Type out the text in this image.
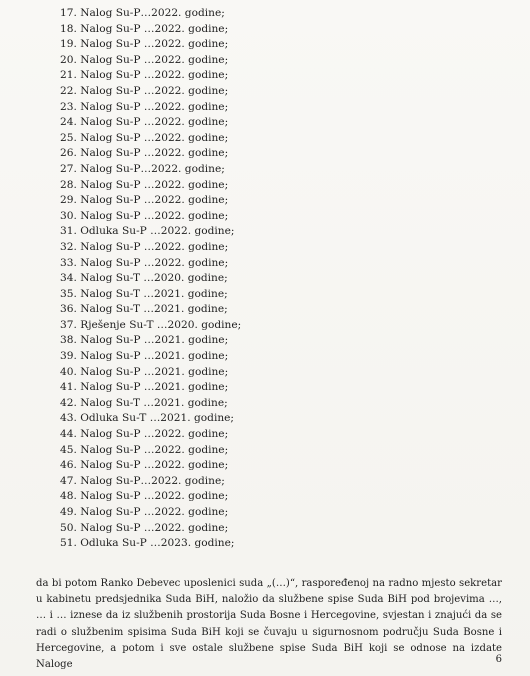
17. Nalog Su-P…2022. godine;
18. Nalog Su-P …2022. godine;
19. Nalog Su-P …2022. godine;
20. Nalog Su-P …2022. godine;
21. Nalog Su-P …2022. godine;
22. Nalog Su-P …2022. godine;
23. Nalog Su-P …2022. godine;
24. Nalog Su-P …2022. godine;
25. Nalog Su-P …2022. godine;
26. Nalog Su-P …2022. godine;
27. Nalog Su-P…2022. godine;
28. Nalog Su-P …2022. godine;
29. Nalog Su-P …2022. godine;
30. Nalog Su-P …2022. godine;
31. Odluka Su-P …2022. godine;
32. Nalog Su-P …2022. godine;
33. Nalog Su-P …2022. godine;
34. Nalog Su-T …2020. godine;
35. Nalog Su-T …2021. godine;
36. Nalog Su-T …2021. godine;
37. Rješenje Su-T …2020. godine;
38. Nalog Su-P …2021. godine;
39. Nalog Su-P …2021. godine;
40. Nalog Su-P …2021. godine;
41. Nalog Su-P …2021. godine;
42. Nalog Su-T …2021. godine;
43. Odluka Su-T …2021. godine;
44. Nalog Su-P …2022. godine;
45. Nalog Su-P …2022. godine;
46. Nalog Su-P …2022. godine;
47. Nalog Su-P…2022. godine;
48. Nalog Su-P …2022. godine;
49. Nalog Su-P …2022. godine;
50. Nalog Su-P …2022. godine;
51. Odluka Su-P …2023. godine;

da bi potom Ranko Debevec uposlenici suda „(…)“, raspoređenoj na radno mjesto sekretar u kabinetu predsjednika Suda BiH, naložio da službene spise Suda BiH pod brojevima …, … i … iznese da iz službenih prostorija Suda Bosne i Hercegovine, svjestan i znajući da se radi o službenim spisima Suda BiH koji se čuvaju u sigurnosnom području Suda Bosne i Hercegovine, a potom i sve ostale službene spise Suda BiH koji se odnose na izdate Naloge	6
